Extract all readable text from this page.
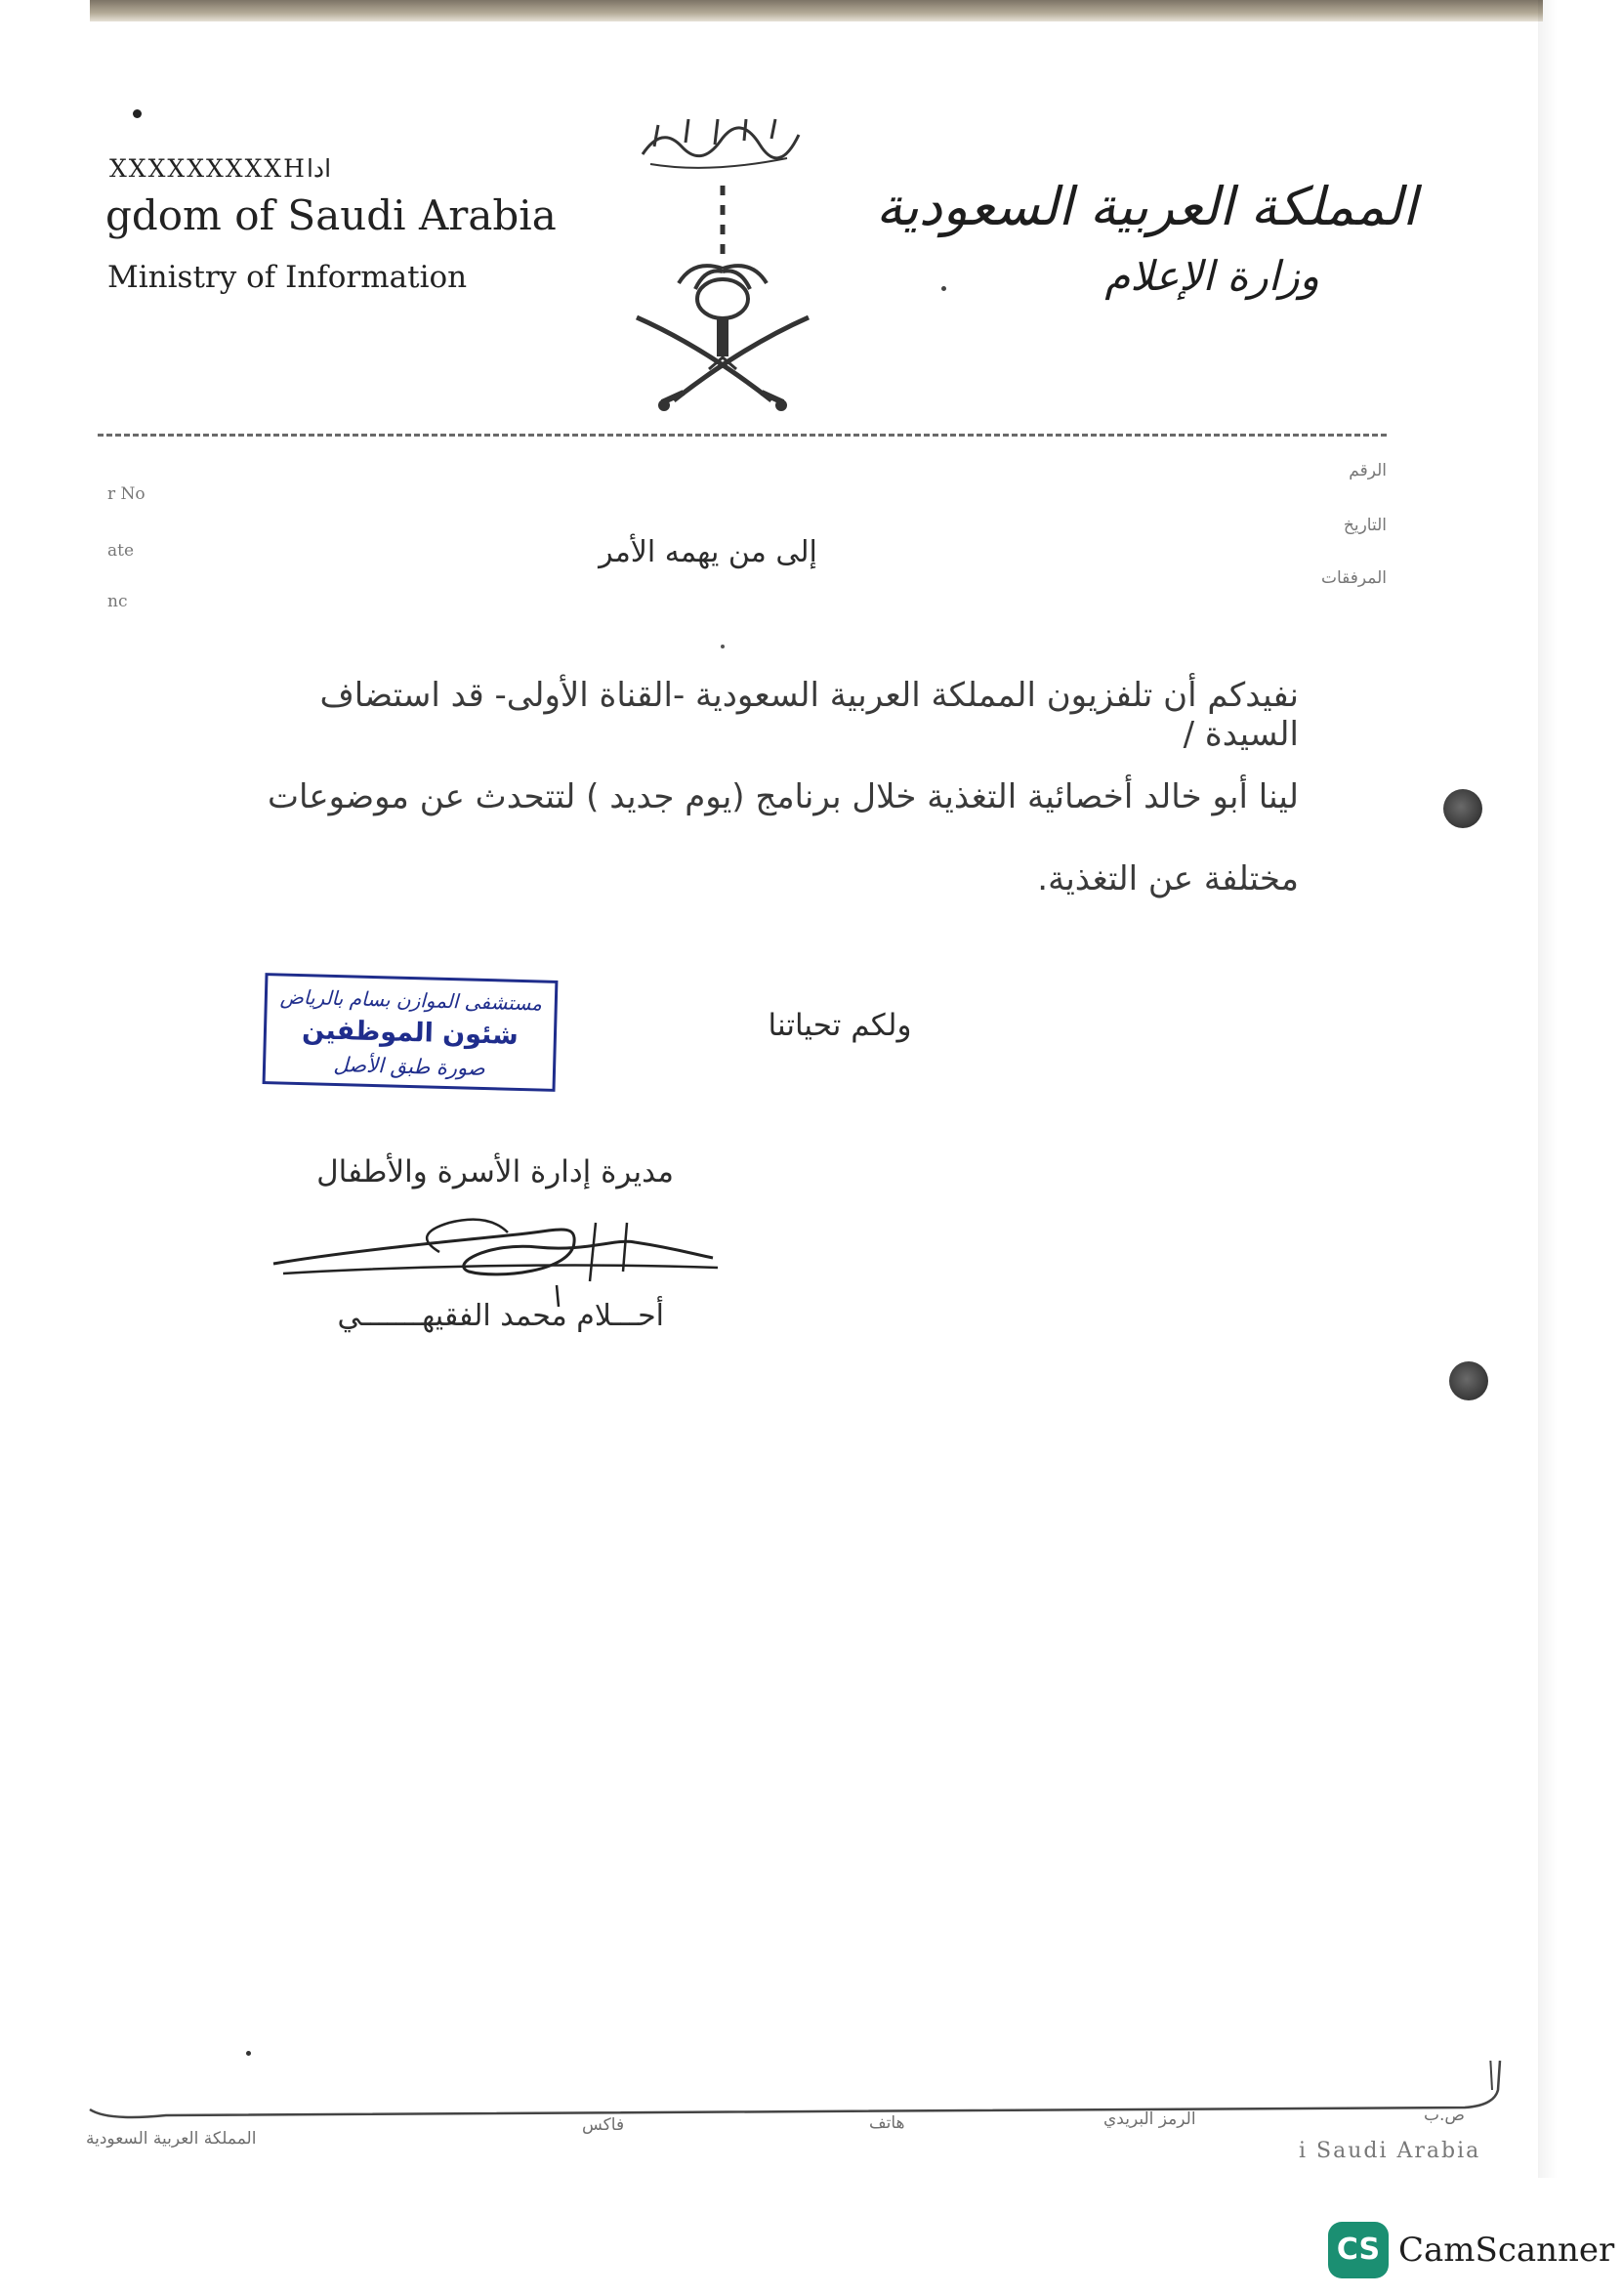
XXXXXXXXXHﺍﺩﺍ
gdom of Saudi Arabia
Ministry of Information
المملكة العربية السعودية
وزارة الإعلام
r No
ate
nc
الرقم
التاريخ
المرفقات
إلى من يهمه الأمر
نفيدكم أن تلفزيون المملكة العربية السعودية -القناة الأولى- قد استضاف السيدة /
لينا أبو خالد أخصائية التغذية خلال برنامج (يوم جديد ) لتتحدث عن موضوعات
مختلفة عن التغذية.
ولكم تحياتنا
مستشفى الموازن بسام بالرياض
شئون الموظفين
صورة طبق الأصل
مديرة إدارة الأسرة والأطفال
أحـــلام محمد الفقيهـــــــي
ص.ب
الرمز البريدي
هاتف
فاكس
المملكة العربية السعودية	i Saudi Arabia
CS CamScanner
